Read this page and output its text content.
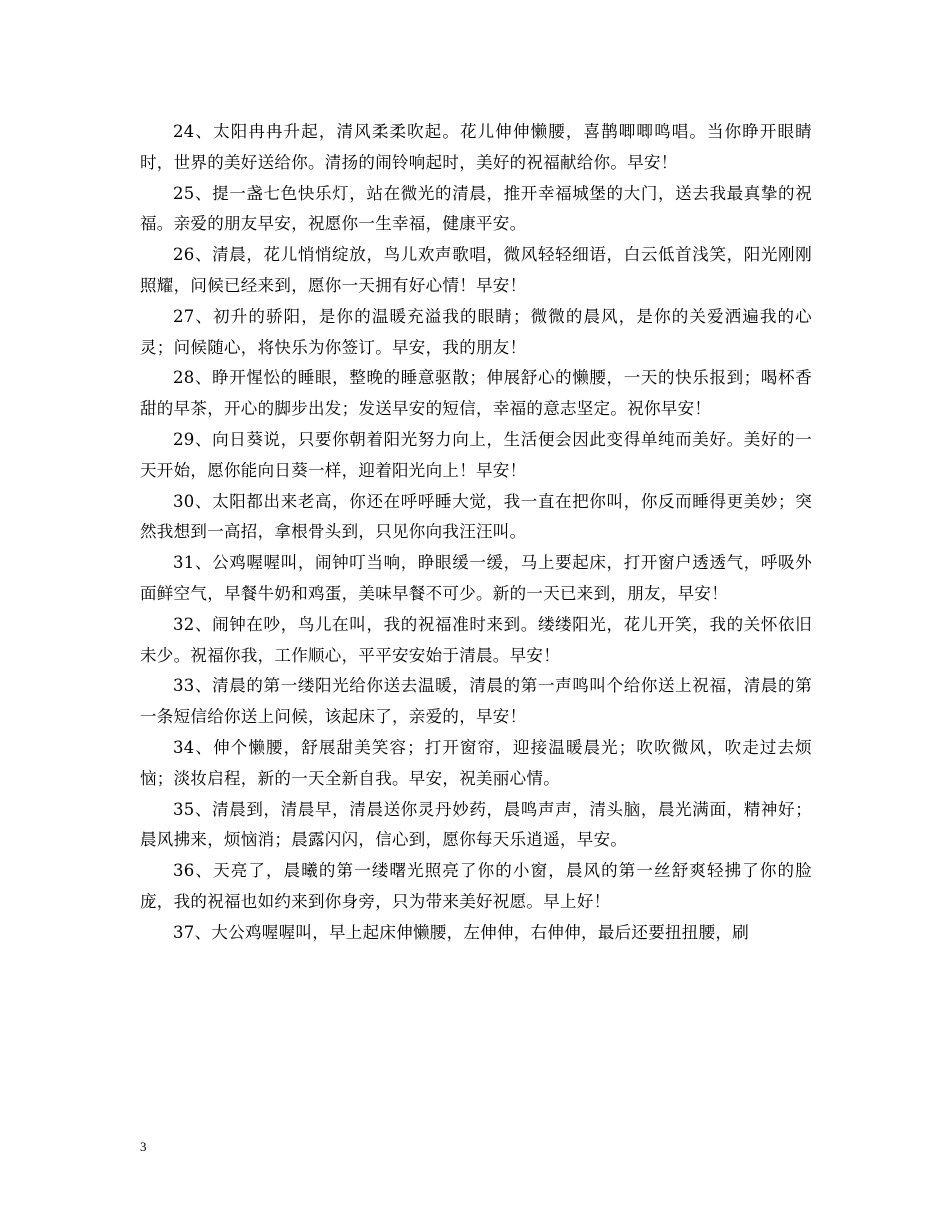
24、太阳冉冉升起，清风柔柔吹起。花儿伸伸懒腰，喜鹊唧唧鸣唱。当你睁开眼睛时，世界的美好送给你。清扬的闹铃响起时，美好的祝福献给你。早安！

25、提一盏七色快乐灯，站在微光的清晨，推开幸福城堡的大门，送去我最真挚的祝福。亲爱的朋友早安，祝愿你一生幸福，健康平安。

26、清晨，花儿悄悄绽放，鸟儿欢声歌唱，微风轻轻细语，白云低首浅笑，阳光刚刚照耀，问候已经来到，愿你一天拥有好心情！早安！

27、初升的骄阳，是你的温暖充溢我的眼睛；微微的晨风，是你的关爱洒遍我的心灵；问候随心，将快乐为你签订。早安，我的朋友！

28、睁开惺忪的睡眼，整晚的睡意驱散；伸展舒心的懒腰，一天的快乐报到；喝杯香甜的早茶，开心的脚步出发；发送早安的短信，幸福的意志坚定。祝你早安！

29、向日葵说，只要你朝着阳光努力向上，生活便会因此变得单纯而美好。美好的一天开始，愿你能向日葵一样，迎着阳光向上！早安！

30、太阳都出来老高，你还在呼呼睡大觉，我一直在把你叫，你反而睡得更美妙；突然我想到一高招，拿根骨头到，只见你向我汪汪叫。

31、公鸡喔喔叫，闹钟叮当响，睁眼缓一缓，马上要起床，打开窗户透透气，呼吸外面鲜空气，早餐牛奶和鸡蛋，美味早餐不可少。新的一天已来到，朋友，早安！

32、闹钟在吵，鸟儿在叫，我的祝福准时来到。缕缕阳光，花儿开笑，我的关怀依旧未少。祝福你我，工作顺心，平平安安始于清晨。早安！

33、清晨的第一缕阳光给你送去温暖，清晨的第一声鸣叫个给你送上祝福，清晨的第一条短信给你送上问候，该起床了，亲爱的，早安！

34、伸个懒腰，舒展甜美笑容；打开窗帘，迎接温暖晨光；吹吹微风，吹走过去烦恼；淡妆启程，新的一天全新自我。早安，祝美丽心情。

35、清晨到，清晨早，清晨送你灵丹妙药，晨鸣声声，清头脑，晨光满面，精神好；晨风拂来，烦恼消；晨露闪闪，信心到，愿你每天乐逍遥，早安。

36、天亮了，晨曦的第一缕曙光照亮了你的小窗，晨风的第一丝舒爽轻拂了你的脸庞，我的祝福也如约来到你身旁，只为带来美好祝愿。早上好！

37、大公鸡喔喔叫，早上起床伸懒腰，左伸伸，右伸伸，最后还要扭扭腰，刷

3
